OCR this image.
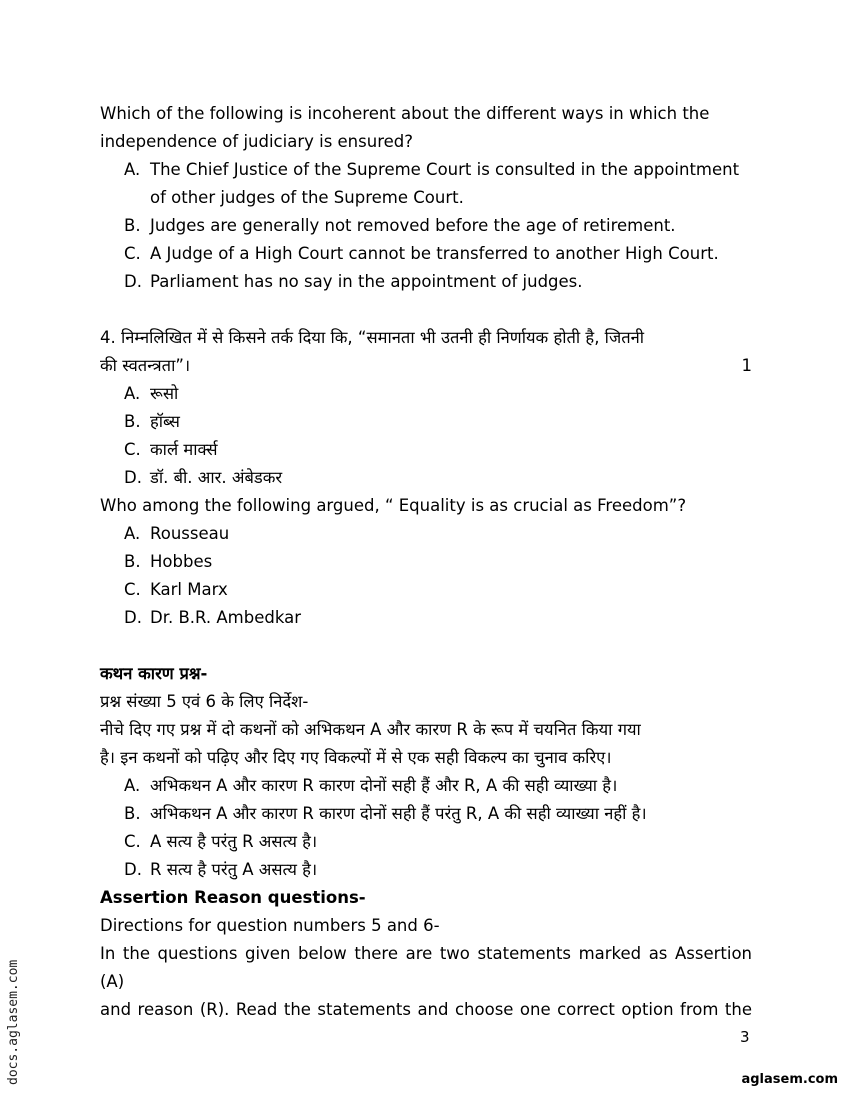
Which of the following is incoherent about the different ways in which the

independence of judiciary is ensured?

A. The Chief Justice of the Supreme Court is consulted in the appointment
of other judges of the Supreme Court.
B. Judges are generally not removed before the age of retirement.
C. A Judge of a High Court cannot be transferred to another High Court.
D. Parliament has no say in the appointment of judges.

4. निम्नलिखित में से किसने तर्क दिया कि, “समानता भी उतनी ही निर्णायक होती है, जितनी

की स्वतन्त्रता”।	1

A. रूसो
B. हॉब्स
C. कार्ल मार्क्स
D. डॉ. बी. आर. अंबेडकर

Who among the following argued, “ Equality is as crucial as Freedom”?

A. Rousseau
B. Hobbes
C. Karl Marx
D. Dr. B.R. Ambedkar

कथन कारण प्रश्न-

प्रश्न संख्या 5 एवं 6 के लिए निर्देश-

नीचे दिए गए प्रश्न में दो कथनों को अभिकथन A और कारण R के रूप में चयनित किया गया

है। इन कथनों को पढ़िए और दिए गए विकल्पों में से एक सही विकल्प का चुनाव करिए।

A. अभिकथन A और कारण R कारण दोनों सही हैं और R, A की सही व्याख्या है।
B. अभिकथन A और कारण R कारण दोनों सही हैं परंतु R, A की सही व्याख्या नहीं है।
C. A सत्य है परंतु R असत्य है।
D. R सत्य है परंतु A असत्य है।

Assertion Reason questions-

Directions for question numbers 5 and 6-

In the questions given below there are two statements marked as Assertion (A)

and reason (R). Read the statements and choose one correct option from the

3
aglasem.com
docs.aglasem.com
